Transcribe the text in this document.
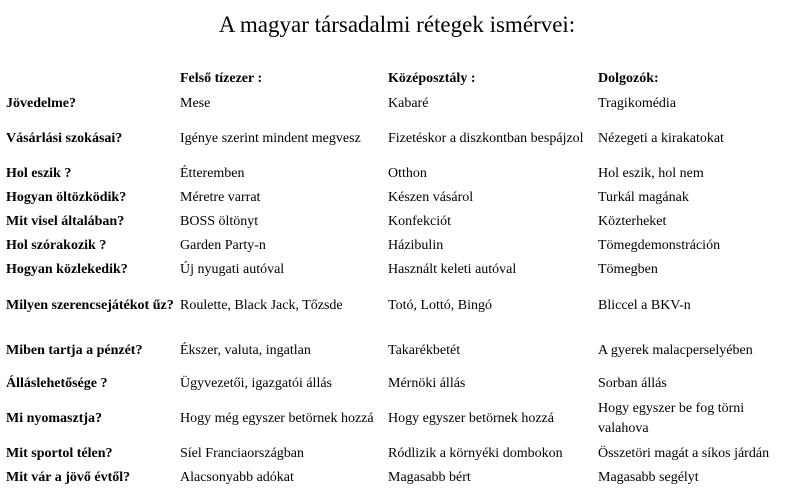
A magyar társadalmi rétegek ismérvei:
	Felső tízezer :	Középosztály :	Dolgozók:
Jövedelme?	Mese	Kabaré	Tragikomédia
Vásárlási szokásai?	Igénye szerint mindent megvesz	Fizetéskor a diszkontban bespájzol	Nézegeti a kirakatokat
Hol eszik ?	Étteremben	Otthon	Hol eszik, hol nem
Hogyan öltözködik?	Méretre varrat	Készen vásárol	Turkál magának
Mit visel általában?	BOSS öltönyt	Konfekciót	Közterheket
Hol szórakozik ?	Garden Party-n	Házibulin	Tömegdemonstráción
Hogyan közlekedik?	Új nyugati autóval	Használt keleti autóval	Tömegben
Milyen szerencsejátékot űz?	Roulette, Black Jack, Tőzsde	Totó, Lottó, Bingó	Bliccel a BKV-n
Miben tartja a pénzét?	Ékszer, valuta, ingatlan	Takarékbetét	A gyerek malacperselyében
Álláslehetősége ?	Ügyvezetői, igazgatói állás	Mérnöki állás	Sorban állás
Mi nyomasztja?	Hogy még egyszer betörnek hozzá	Hogy egyszer betörnek hozzá	Hogy egyszer be fog törni valahova
Mit sportol télen?	Síel Franciaországban	Ródlizik a környéki dombokon	Összetöri magát a síkos járdán
Mit vár a jövő évtől?	Alacsonyabb adókat	Magasabb bért	Magasabb segélyt
